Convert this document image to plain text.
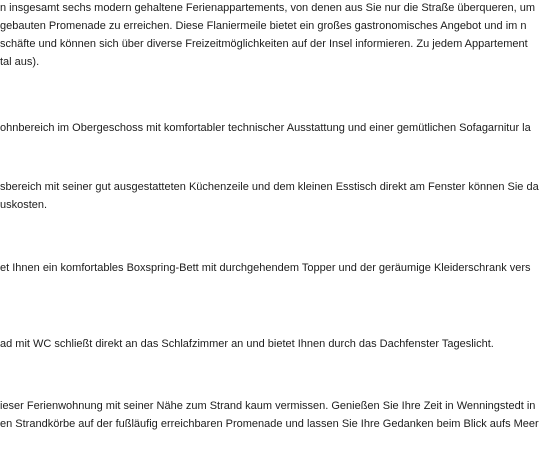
n insgesamt sechs modern gehaltene Ferienappartements, von denen aus Sie nur die Straße überqueren, um

gebauten Promenade zu erreichen. Diese Flaniermeile bietet ein großes gastronomisches Angebot und im n

schäfte und können sich über diverse Freizeitmöglichkeiten auf der Insel informieren. Zu jedem Appartement

tal aus).

ohnbereich im Obergeschoss mit komfortabler technischer Ausstattung und einer gemütlichen Sofagarnitur la

sbereich mit seiner gut ausgestatteten Küchenzeile und dem kleinen Esstisch direkt am Fenster können Sie da

uskosten.

et Ihnen ein komfortables Boxspring-Bett mit durchgehendem Topper und der geräumige Kleiderschrank vers

ad mit WC schließt direkt an das Schlafzimmer an und bietet Ihnen durch das Dachfenster Tageslicht.

ieser Ferienwohnung mit seiner Nähe zum Strand kaum vermissen. Genießen Sie Ihre Zeit in Wenningstedt in

en Strandkörbe auf der fußläufig erreichbaren Promenade und lassen Sie Ihre Gedanken beim Blick aufs Meer
